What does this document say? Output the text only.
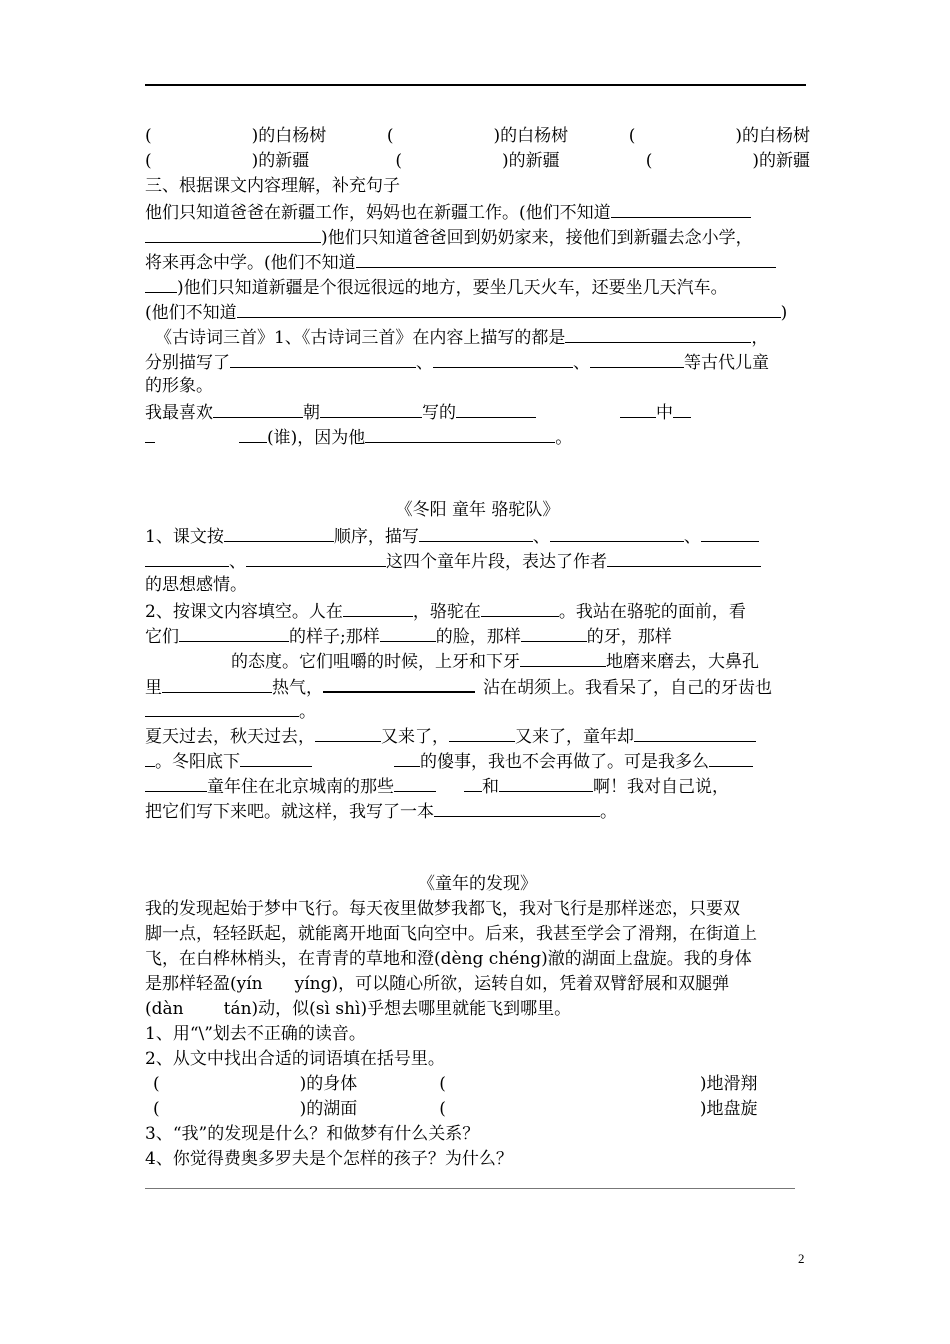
(	)的白杨树	(	)的白杨树	(	)的白杨树
(	)的新疆	(	)的新疆	(	)的新疆
三、根据课文内容理解，补充句子
他们只知道爸爸在新疆工作，妈妈也在新疆工作。(他们不知道
)他们只知道爸爸回到奶奶家来，接他们到新疆去念小学，
将来再念中学。(他们不知道
)他们只知道新疆是个很远很远的地方，要坐几天火车，还要坐几天汽车。
(他们不知道	)
《古诗词三首》1、《古诗词三首》在内容上描写的都是	，
分别描写了	、	、	等古代儿童
的形象。
我最喜欢	朝	写的	中
(谁)，因为他	。
《冬阳 童年 骆驼队》
1、课文按	顺序，描写	、	、
、	这四个童年片段，表达了作者
的思想感情。
2、按课文内容填空。人在	，骆驼在	。我站在骆驼的面前，看
它们	的样子;那样	的脸，那样	的牙，那样
的态度。它们咀嚼的时候，上牙和下牙	地磨来磨去，大鼻孔
里	热气，	沾在胡须上。我看呆了，自己的牙齿也
。
夏天过去，秋天过去，	又来了，	又来了，童年却
。冬阳底下	的傻事，我也不会再做了。可是我多么
童年住在北京城南的那些	和	啊！我对自己说，
把它们写下来吧。就这样，我写了一本	。
《童年的发现》
我的发现起始于梦中飞行。每天夜里做梦我都飞，我对飞行是那样迷恋，只要双
脚一点，轻轻跃起，就能离开地面飞向空中。后来，我甚至学会了滑翔，在街道上
飞，在白桦林梢头，在青青的草地和澄(dèng chéng)澈的湖面上盘旋。我的身体
是那样轻盈(yín yíng)，可以随心所欲，运转自如，凭着双臂舒展和双腿弹
(dàn tán)动，似(sì shì)乎想去哪里就能飞到哪里。
1、用“\”划去不正确的读音。
2、从文中找出合适的词语填在括号里。
(	)的身体	(	)地滑翔
(	)的湖面	(	)地盘旋
3、“我”的发现是什么？和做梦有什么关系？
4、你觉得费奥多罗夫是个怎样的孩子？为什么？
2
